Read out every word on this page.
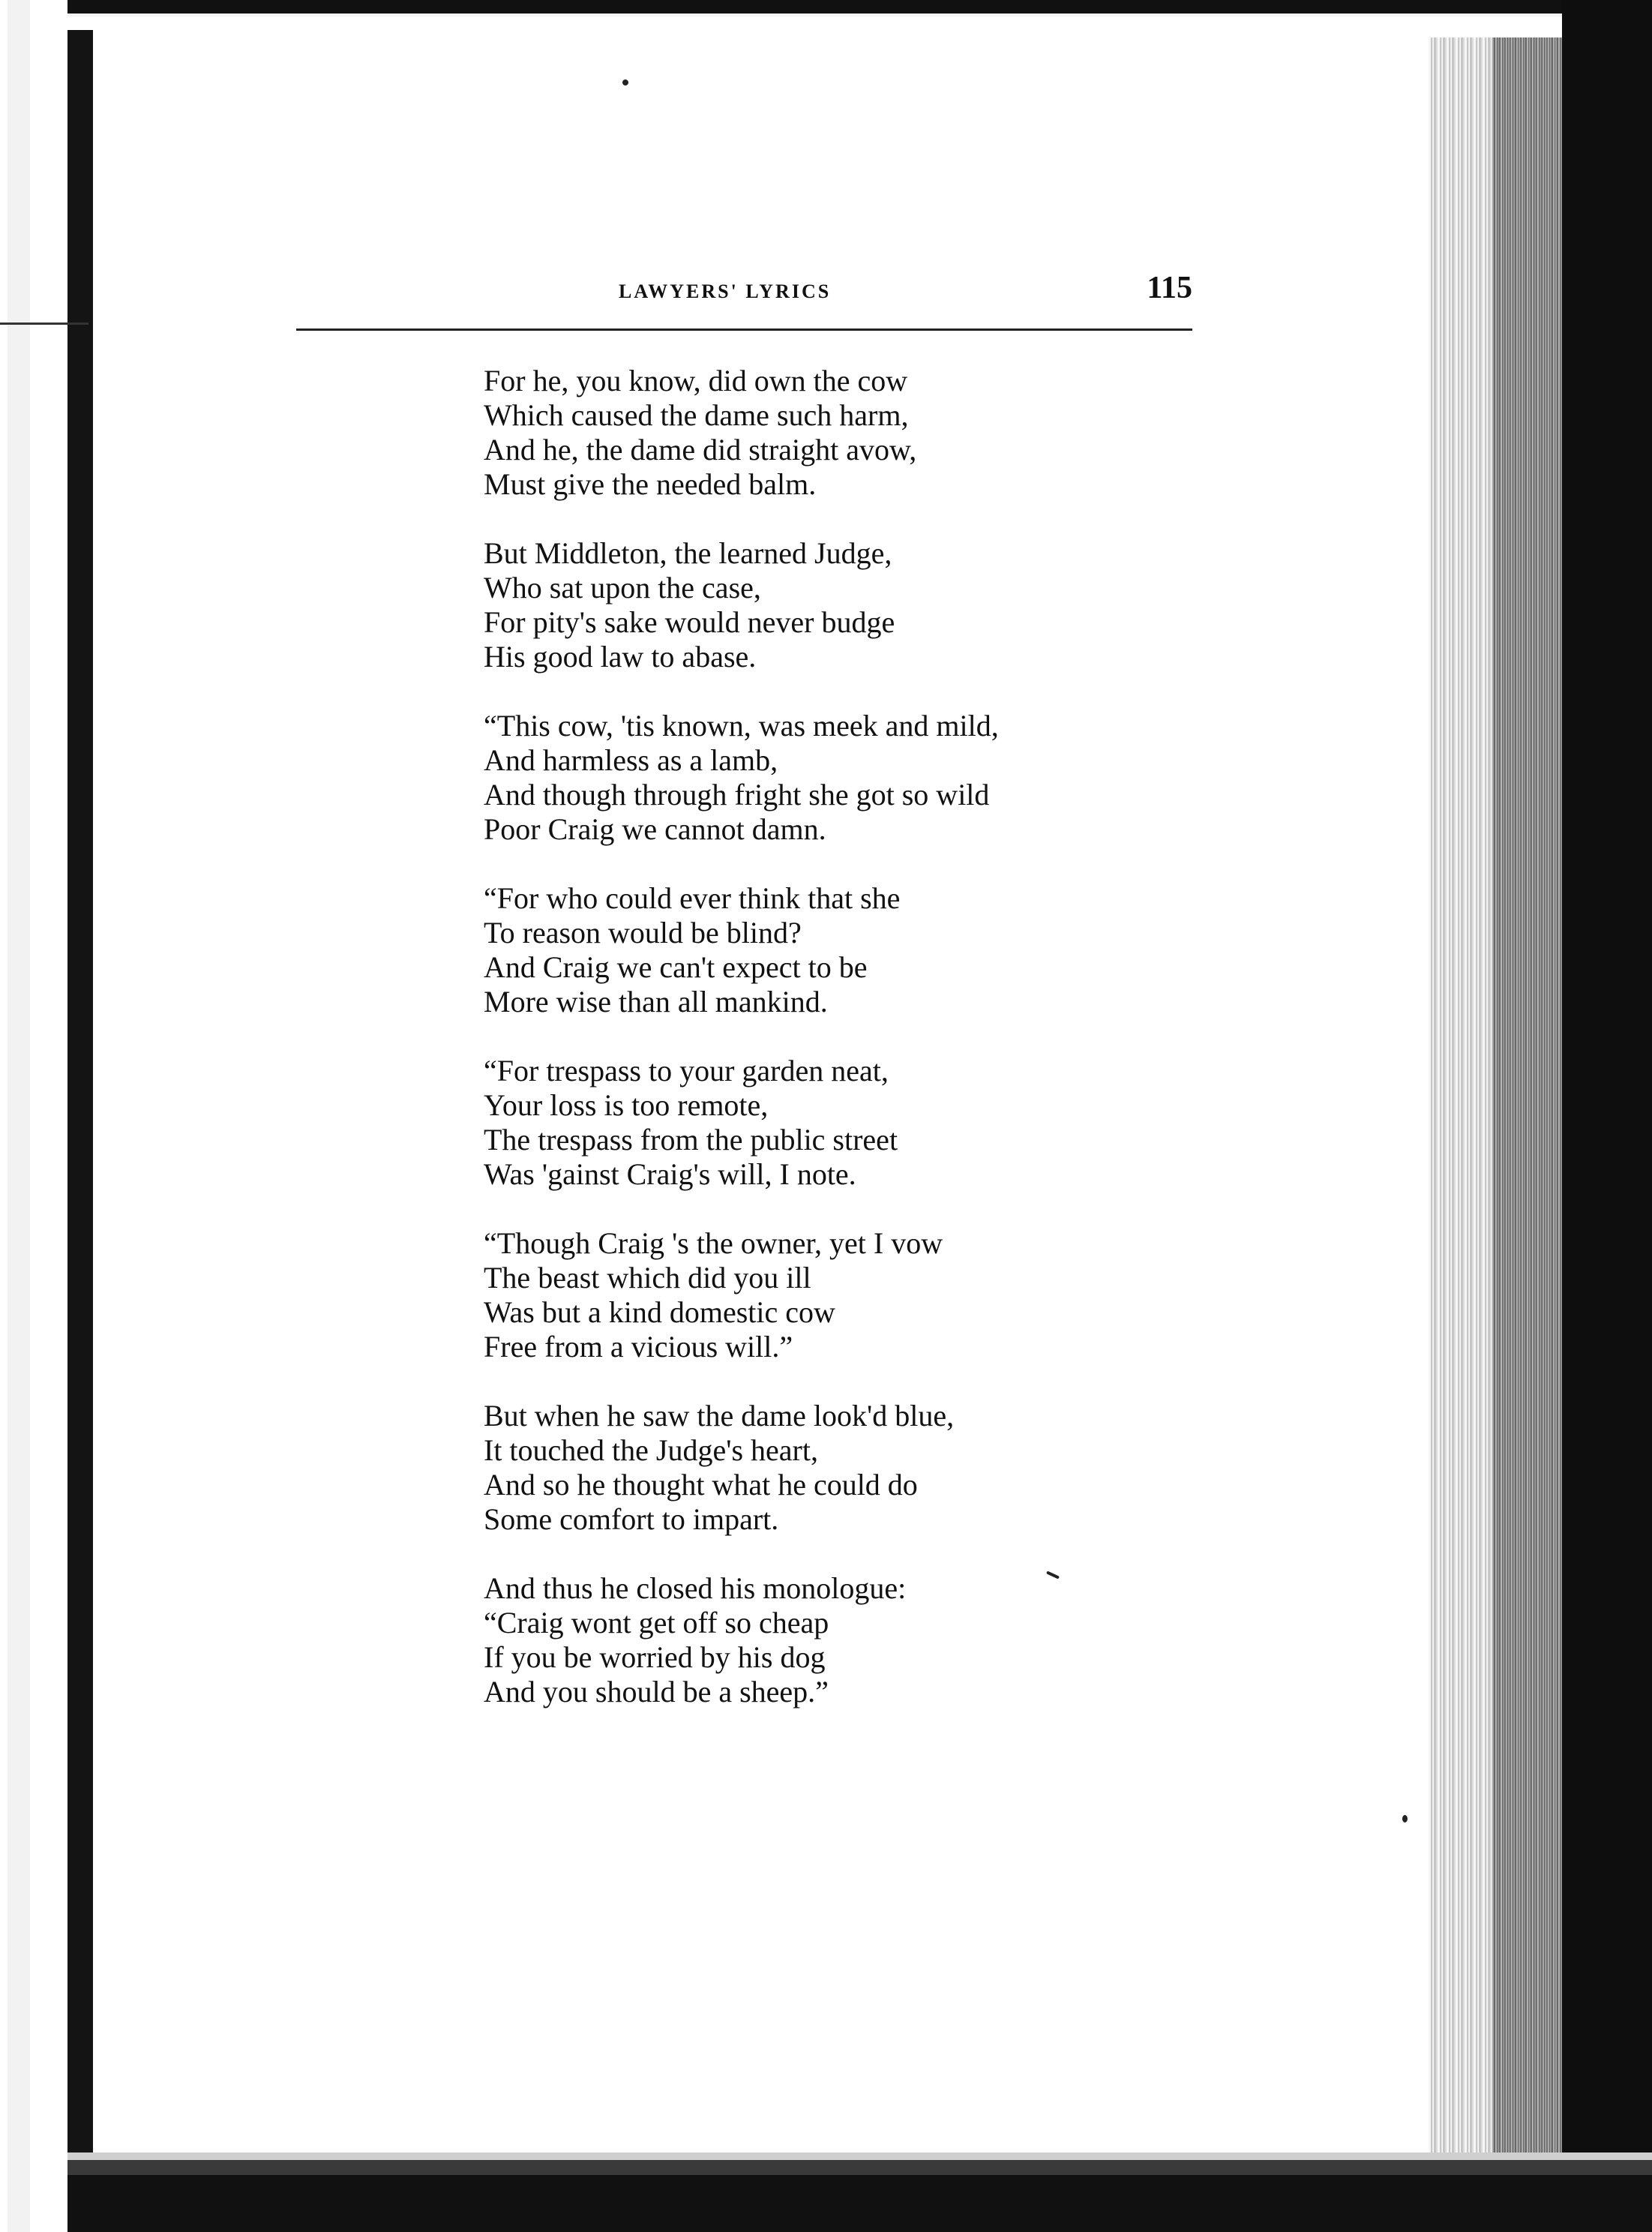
LAWYERS' LYRICS	115
For he, you know, did own the cow
Which caused the dame such harm,
And he, the dame did straight avow,
Must give the needed balm.
But Middleton, the learned Judge,
Who sat upon the case,
For pity's sake would never budge
His good law to abase.
“This cow, 'tis known, was meek and mild,
And harmless as a lamb,
And though through fright she got so wild
Poor Craig we cannot damn.
“For who could ever think that she
To reason would be blind?
And Craig we can't expect to be
More wise than all mankind.
“For trespass to your garden neat,
Your loss is too remote,
The trespass from the public street
Was 'gainst Craig's will, I note.
“Though Craig 's the owner, yet I vow
The beast which did you ill
Was but a kind domestic cow
Free from a vicious will.”
But when he saw the dame look'd blue,
It touched the Judge's heart,
And so he thought what he could do
Some comfort to impart.
And thus he closed his monologue:
“Craig wont get off so cheap
If you be worried by his dog
And you should be a sheep.”
